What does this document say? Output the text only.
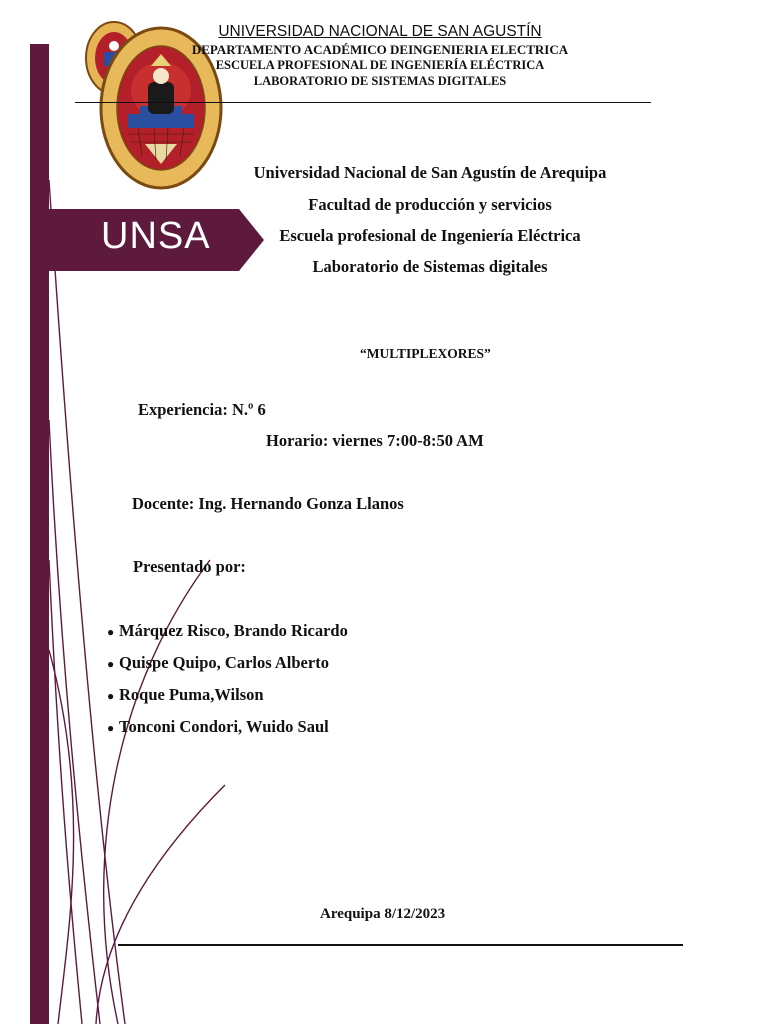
UNSA
UNIVERSIDAD NACIONAL DE SAN AGUSTÍN
DEPARTAMENTO ACADÉMICO DEINGENIERIA ELECTRICA
ESCUELA PROFESIONAL DE INGENIERÍA ELÉCTRICA
LABORATORIO DE SISTEMAS DIGITALES
Universidad Nacional de San Agustín de Arequipa
Facultad de producción y servicios
Escuela profesional de Ingeniería Eléctrica
Laboratorio de Sistemas digitales
“MULTIPLEXORES”
Experiencia: N.º 6
Horario: viernes 7:00-8:50 AM
Docente: Ing. Hernando Gonza Llanos
Presentado por:
● Márquez Risco, Brando Ricardo
● Quispe Quipo, Carlos Alberto
● Roque Puma,Wilson
● Tonconi Condori, Wuido Saul
Arequipa 8/12/2023
